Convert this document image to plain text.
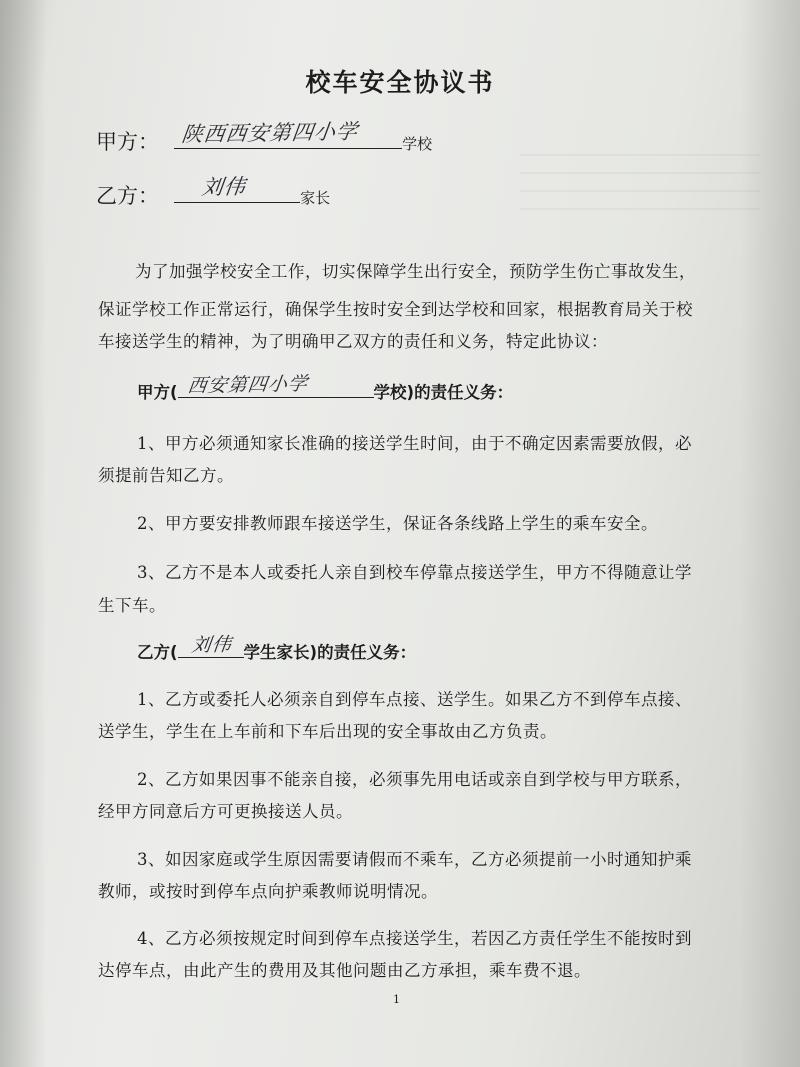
校车安全协议书
甲方： 陕西西安第四小学	学校
乙方： 刘伟	家长
为了加强学校安全工作，切实保障学生出行安全，预防学生伤亡事故发生，
保证学校工作正常运行，确保学生按时安全到达学校和回家，根据教育局关于校
车接送学生的精神，为了明确甲乙双方的责任和义务，特定此协议：
甲方( 西安第四小学	学校)的责任义务：
1、甲方必须通知家长准确的接送学生时间，由于不确定因素需要放假，必
须提前告知乙方。
2、甲方要安排教师跟车接送学生，保证各条线路上学生的乘车安全。
3、乙方不是本人或委托人亲自到校车停靠点接送学生，甲方不得随意让学
生下车。
乙方( 刘伟 学生家长)的责任义务：
1、乙方或委托人必须亲自到停车点接、送学生。如果乙方不到停车点接、
送学生，学生在上车前和下车后出现的安全事故由乙方负责。
2、乙方如果因事不能亲自接，必须事先用电话或亲自到学校与甲方联系，
经甲方同意后方可更换接送人员。
3、如因家庭或学生原因需要请假而不乘车，乙方必须提前一小时通知护乘
教师，或按时到停车点向护乘教师说明情况。
4、乙方必须按规定时间到停车点接送学生，若因乙方责任学生不能按时到
达停车点，由此产生的费用及其他问题由乙方承担，乘车费不退。
1
